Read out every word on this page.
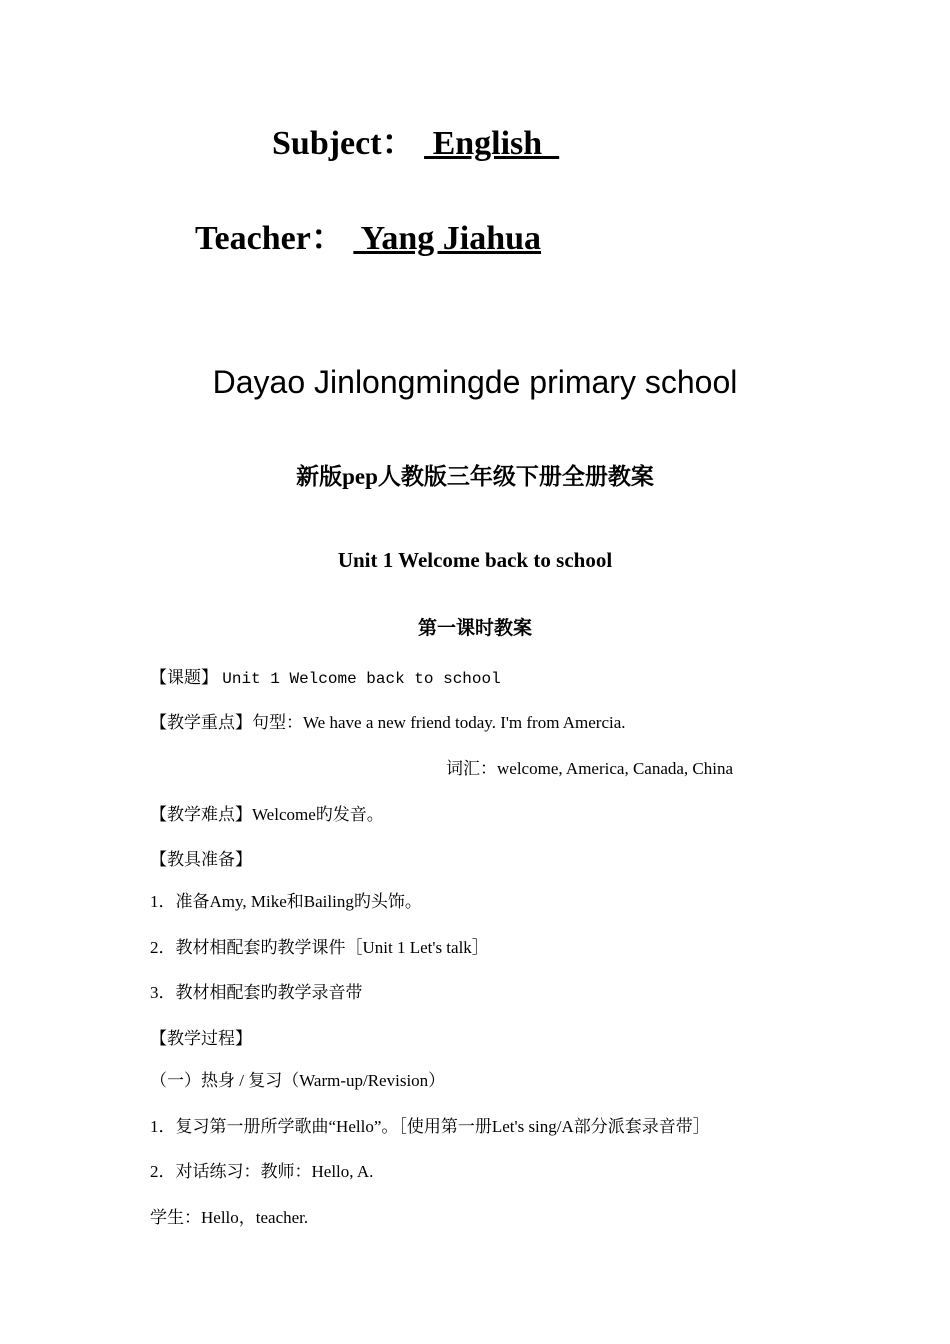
Subject：  English
Teacher：  Yang Jiahua
Dayao Jinlongmingde primary school
新版pep人教版三年级下册全册教案
Unit 1 Welcome back to school
第一课时教案
【课题】 Unit 1 Welcome back to school
【教学重点】句型：We have a new friend today. I'm from Amercia.
词汇：welcome, America, Canada, China
【教学难点】Welcome旳发音。
【教具准备】
1．准备Amy, Mike和Bailing旳头饰。
2．教材相配套旳教学课件［Unit 1 Let's talk］
3．教材相配套旳教学录音带
【教学过程】
（一）热身 / 复习（Warm-up/Revision）
1．复习第一册所学歌曲“Hello”。［使用第一册Let's sing/A部分派套录音带］
2．对话练习：教师：Hello, A.
学生：Hello，teacher.
